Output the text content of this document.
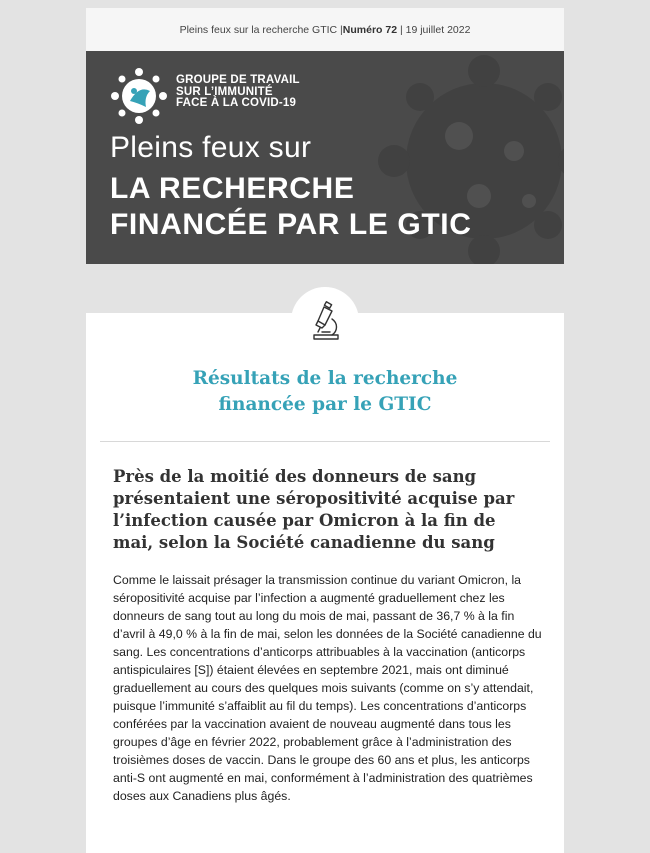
Pleins feux sur la recherche GTIC | Numéro 72 | 19 juillet 2022
GROUPE DE TRAVAIL
SUR L’IMMUNITÉ
FACE À LA COVID-19
Pleins feux sur
LA RECHERCHE
FINANCÉE PAR LE GTIC
Résultats de la recherche
financée par le GTIC
Près de la moitié des donneurs de sang présentaient une séropositivité acquise par l’infection causée par Omicron à la fin de mai, selon la Société canadienne du sang
Comme le laissait présager la transmission continue du variant Omicron, la séropositivité acquise par l’infection a augmenté graduellement chez les donneurs de sang tout au long du mois de mai, passant de 36,7 % à la fin d’avril à 49,0 % à la fin de mai, selon les données de la Société canadienne du sang. Les concentrations d’anticorps attribuables à la vaccination (anticorps antispiculaires [S]) étaient élevées en septembre 2021, mais ont diminué graduellement au cours des quelques mois suivants (comme on s’y attendait, puisque l’immunité s’affaiblit au fil du temps). Les concentrations d’anticorps conférées par la vaccination avaient de nouveau augmenté dans tous les groupes d’âge en février 2022, probablement grâce à l’administration des troisièmes doses de vaccin. Dans le groupe des 60 ans et plus, les anticorps anti-S ont augmenté en mai, conformément à l’administration des quatrièmes doses aux Canadiens plus âgés.
